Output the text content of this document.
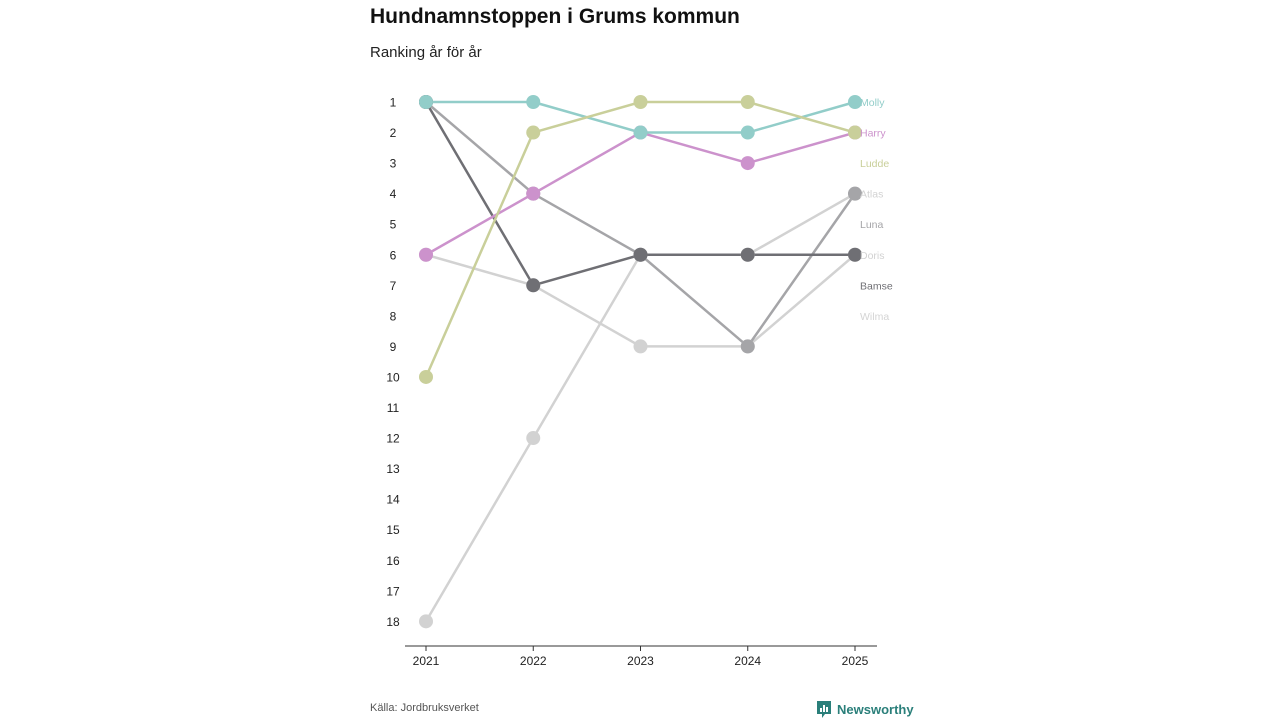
Hundnamnstoppen i Grums kommun

Ranking år för år

1
2
3
4
5
6
7
8
9
10
11
12
13
14
15
16
17
18
2021	2022	2023	2024	2025
Molly
Harry
Ludde
Atlas
Luna
Doris
Bamse
Wilma
Källa: Jordbruksverket	Newsworthy
